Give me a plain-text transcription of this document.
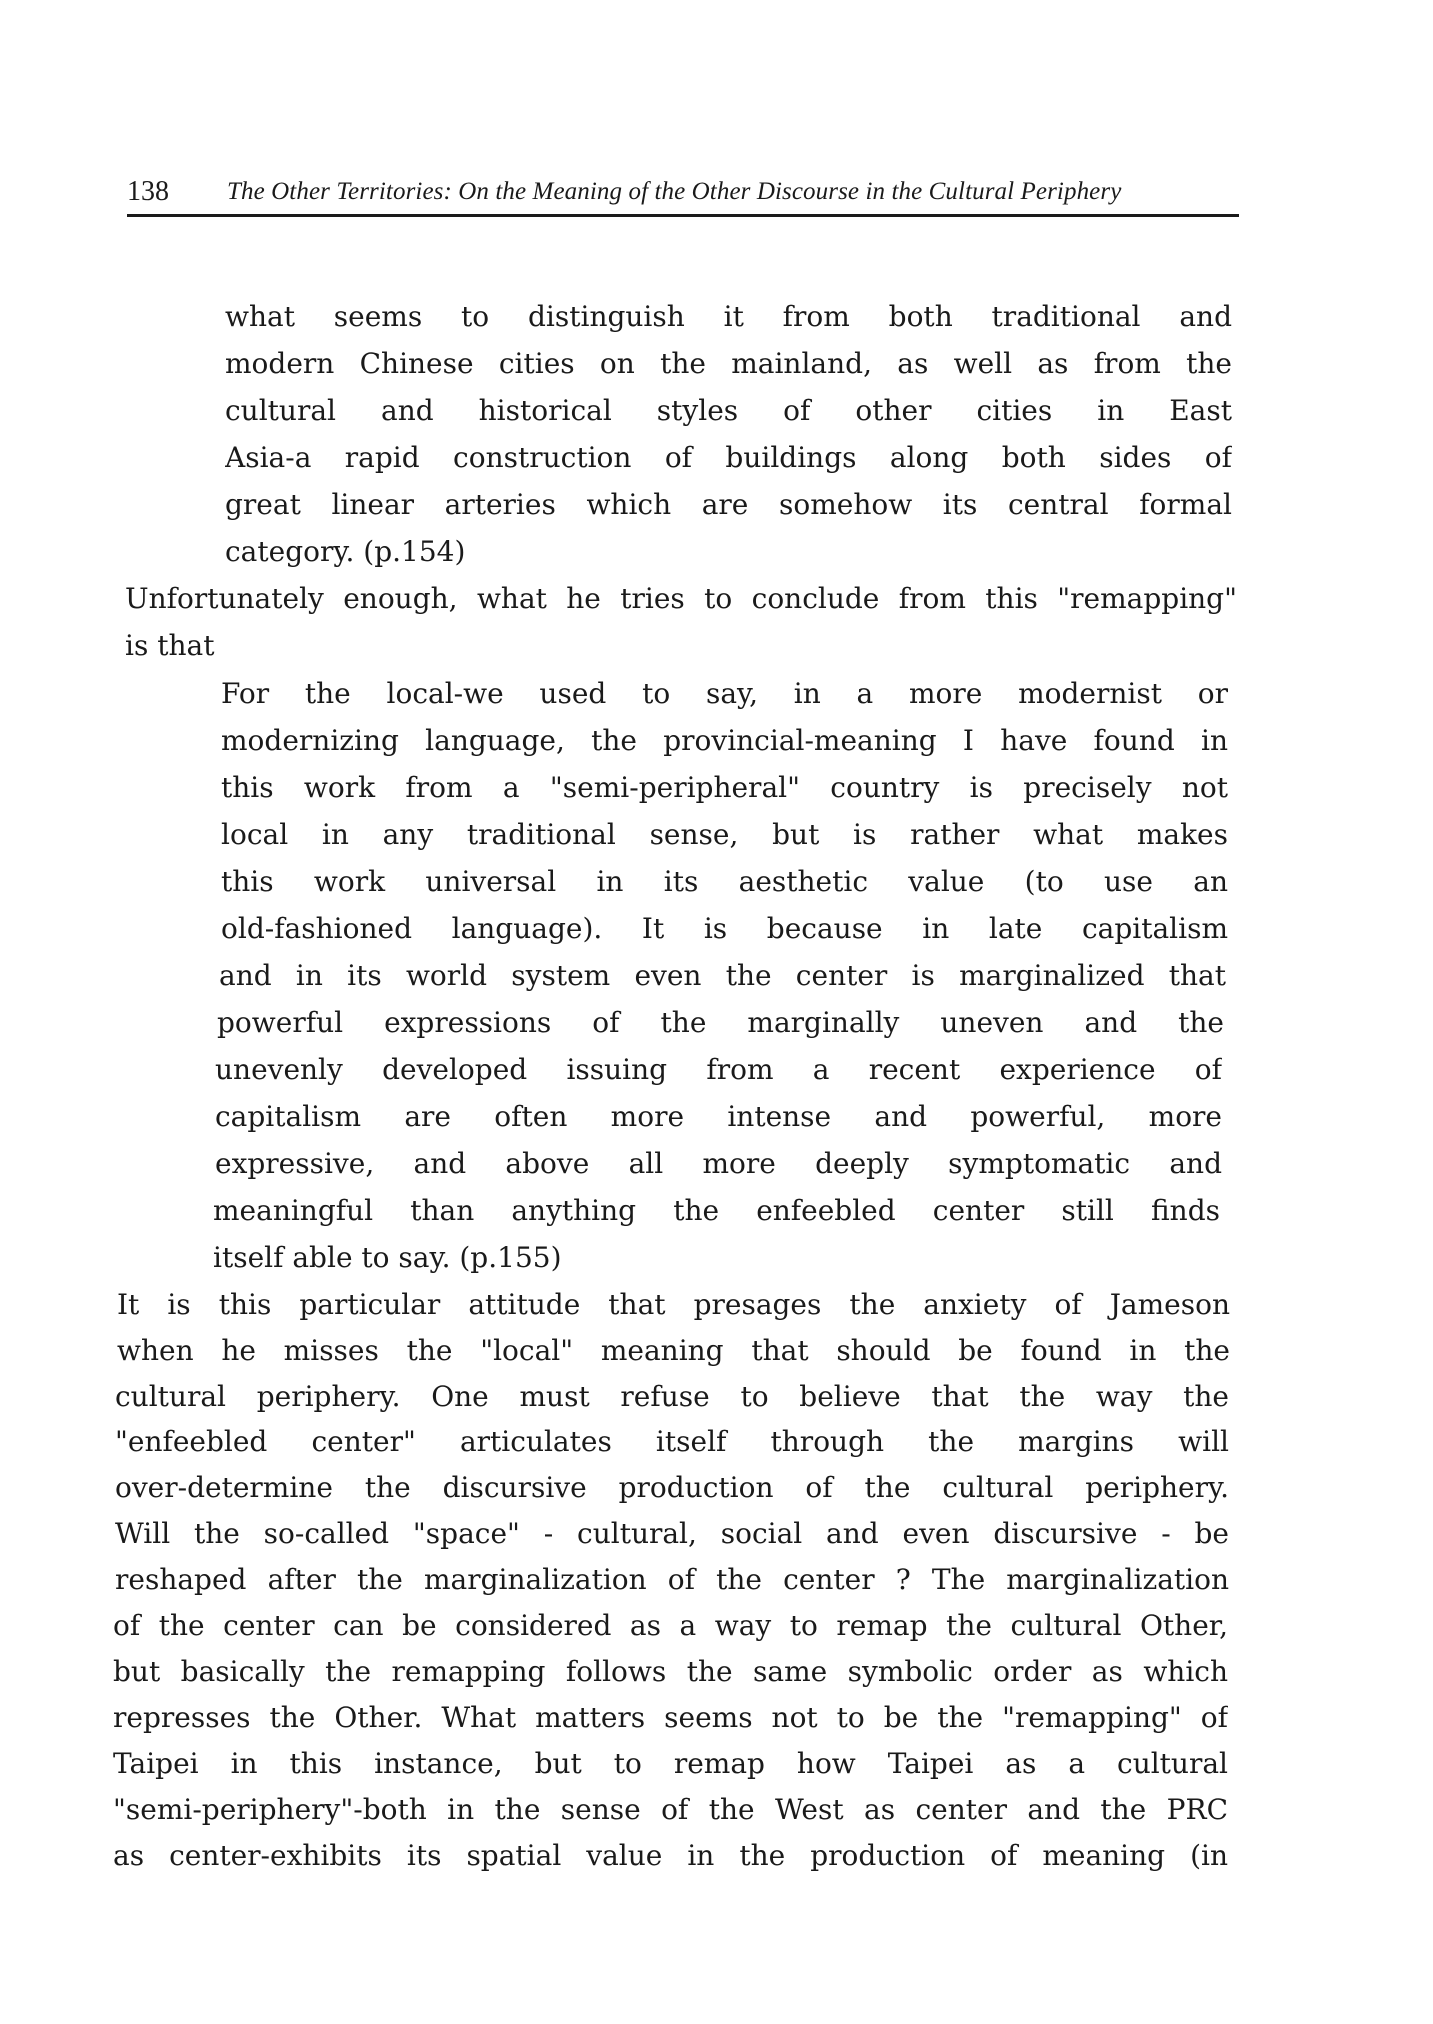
138 The Other Territories: On the Meaning of the Other Discourse in the Cultural Periphery
what seems to distinguish it from both traditional and
modern Chinese cities on the mainland, as well as from the
cultural and historical styles of other cities in East
Asia-a rapid construction of buildings along both sides of
great linear arteries which are somehow its central formal
category. (p.154)
Unfortunately enough, what he tries to conclude from this "remapping"
is that
For the local-we used to say, in a more modernist or
modernizing language, the provincial-meaning I have found in
this work from a "semi-peripheral" country is precisely not
local in any traditional sense, but is rather what makes
this work universal in its aesthetic value (to use an
old-fashioned language). It is because in late capitalism
and in its world system even the center is marginalized that
powerful expressions of the marginally uneven and the
unevenly developed issuing from a recent experience of
capitalism are often more intense and powerful, more
expressive, and above all more deeply symptomatic and
meaningful than anything the enfeebled center still finds
itself able to say. (p.155)
It is this particular attitude that presages the anxiety of Jameson
when he misses the "local" meaning that should be found in the
cultural periphery. One must refuse to believe that the way the
"enfeebled center" articulates itself through the margins will
over-determine the discursive production of the cultural periphery.
Will the so-called "space" - cultural, social and even discursive - be
reshaped after the marginalization of the center ? The marginalization
of the center can be considered as a way to remap the cultural Other,
but basically the remapping follows the same symbolic order as which
represses the Other. What matters seems not to be the "remapping" of
Taipei in this instance, but to remap how Taipei as a cultural
"semi-periphery"-both in the sense of the West as center and the PRC
as center-exhibits its spatial value in the production of meaning (in
